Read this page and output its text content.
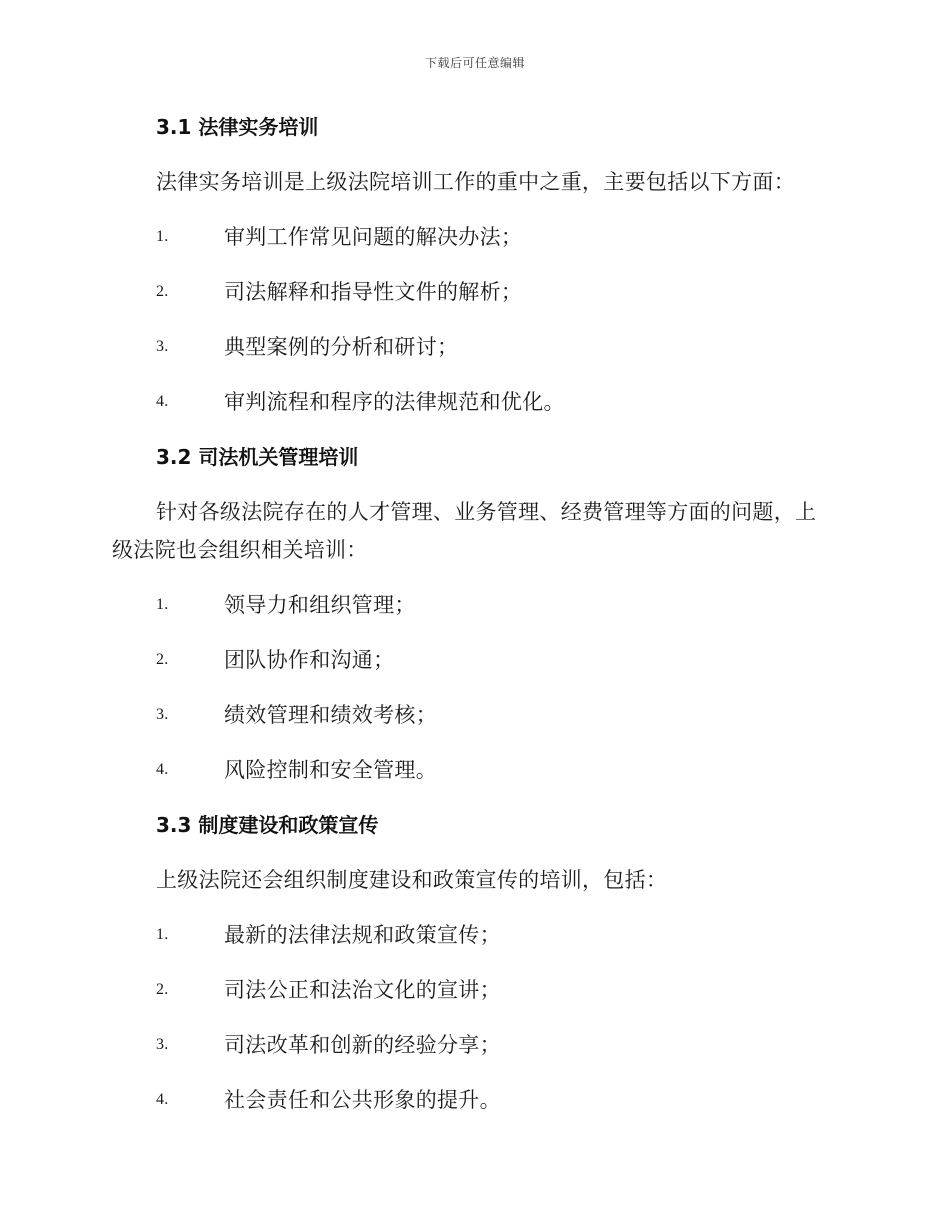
下载后可任意编辑
3.1 法律实务培训

法律实务培训是上级法院培训工作的重中之重，主要包括以下方面：

1.	审判工作常见问题的解决办法；
2.	司法解释和指导性文件的解析；
3.	典型案例的分析和研讨；
4.	审判流程和程序的法律规范和优化。
3.2 司法机关管理培训

针对各级法院存在的人才管理、业务管理、经费管理等方面的问题，上级法院也会组织相关培训：

1.	领导力和组织管理；
2.	团队协作和沟通；
3.	绩效管理和绩效考核；
4.	风险控制和安全管理。
3.3 制度建设和政策宣传

上级法院还会组织制度建设和政策宣传的培训，包括：

1.	最新的法律法规和政策宣传；
2.	司法公正和法治文化的宣讲；
3.	司法改革和创新的经验分享；
4.	社会责任和公共形象的提升。
